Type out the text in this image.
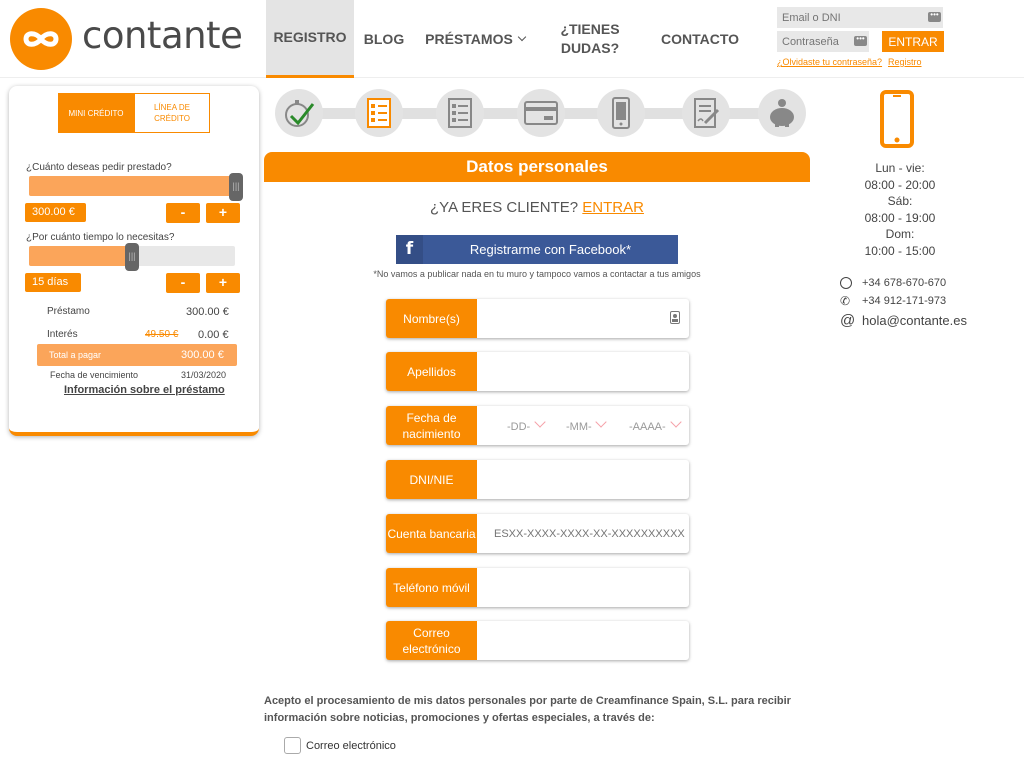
contante	REGISTRO	BLOG PRÉSTAMOS
¿TIENES DUDAS?
CONTACTO
Email o DNI
•••
•••	ENTRAR
¿Olvidaste tu contraseña? Registro
MINI CRÉDITO
LÍNEA DE CRÉDITO
¿Cuánto deseas pedir prestado?
|||
300.00 €	-	+
¿Por cuánto tiempo lo necesitas?
|||
15 días	-	+
Préstamo	300.00 €
Interés	49.50 € 0.00 €
Total a pagar	300.00 €
Fecha de vencimiento	31/03/2020
Información sobre el préstamo
Datos personales
¿YA ERES CLIENTE? ENTRAR
f	Registrarme con Facebook*
*No vamos a publicar nada en tu muro y tampoco vamos a contactar a tus amigos
Nombre(s)
Apellidos
Fecha de nacimiento	-DD-	-MM-	-AAAA-
DNI/NIE
Cuenta bancaria
ESXX-XXXX-XXXX-XX-XXXXXXXXXX
Teléfono móvil
Correo electrónico
Acepto el procesamiento de mis datos personales por parte de Creamfinance Spain, S.L. para recibir información sobre noticias, promociones y ofertas especiales, a través de:
Correo electrónico
Lun - vie:
08:00 - 20:00
Sáb:
08:00 - 19:00
Dom:
10:00 - 15:00
+34 678-670-670
✆ +34 912-171-973
@ hola@contante.es
